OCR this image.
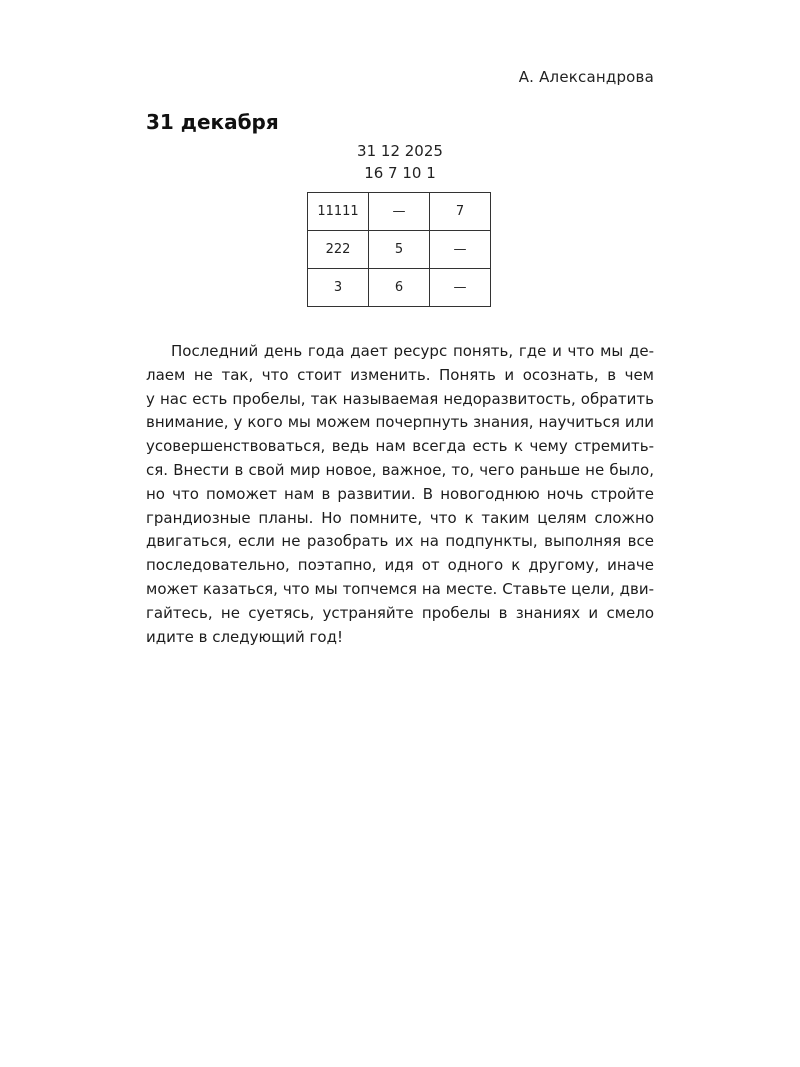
А. Александрова
31 декабря
31 12 2025
16 7 10 1
11111	—	7
222	5	—
3	6	—
Последний день года дает ресурс понять, где и что мы де-
лаем не так, что стоит изменить. Понять и осознать, в чем
у нас есть пробелы, так называемая недоразвитость, обратить
внимание, у кого мы можем почерпнуть знания, научиться или
усовершенствоваться, ведь нам всегда есть к чему стремить-
ся. Внести в свой мир новое, важное, то, чего раньше не было,
но что поможет нам в развитии. В новогоднюю ночь стройте
грандиозные планы. Но помните, что к таким целям сложно
двигаться, если не разобрать их на подпункты, выполняя все
последовательно, поэтапно, идя от одного к другому, иначе
может казаться, что мы топчемся на месте. Ставьте цели, дви-
гайтесь, не суетясь, устраняйте пробелы в знаниях и смело
идите в следующий год!
